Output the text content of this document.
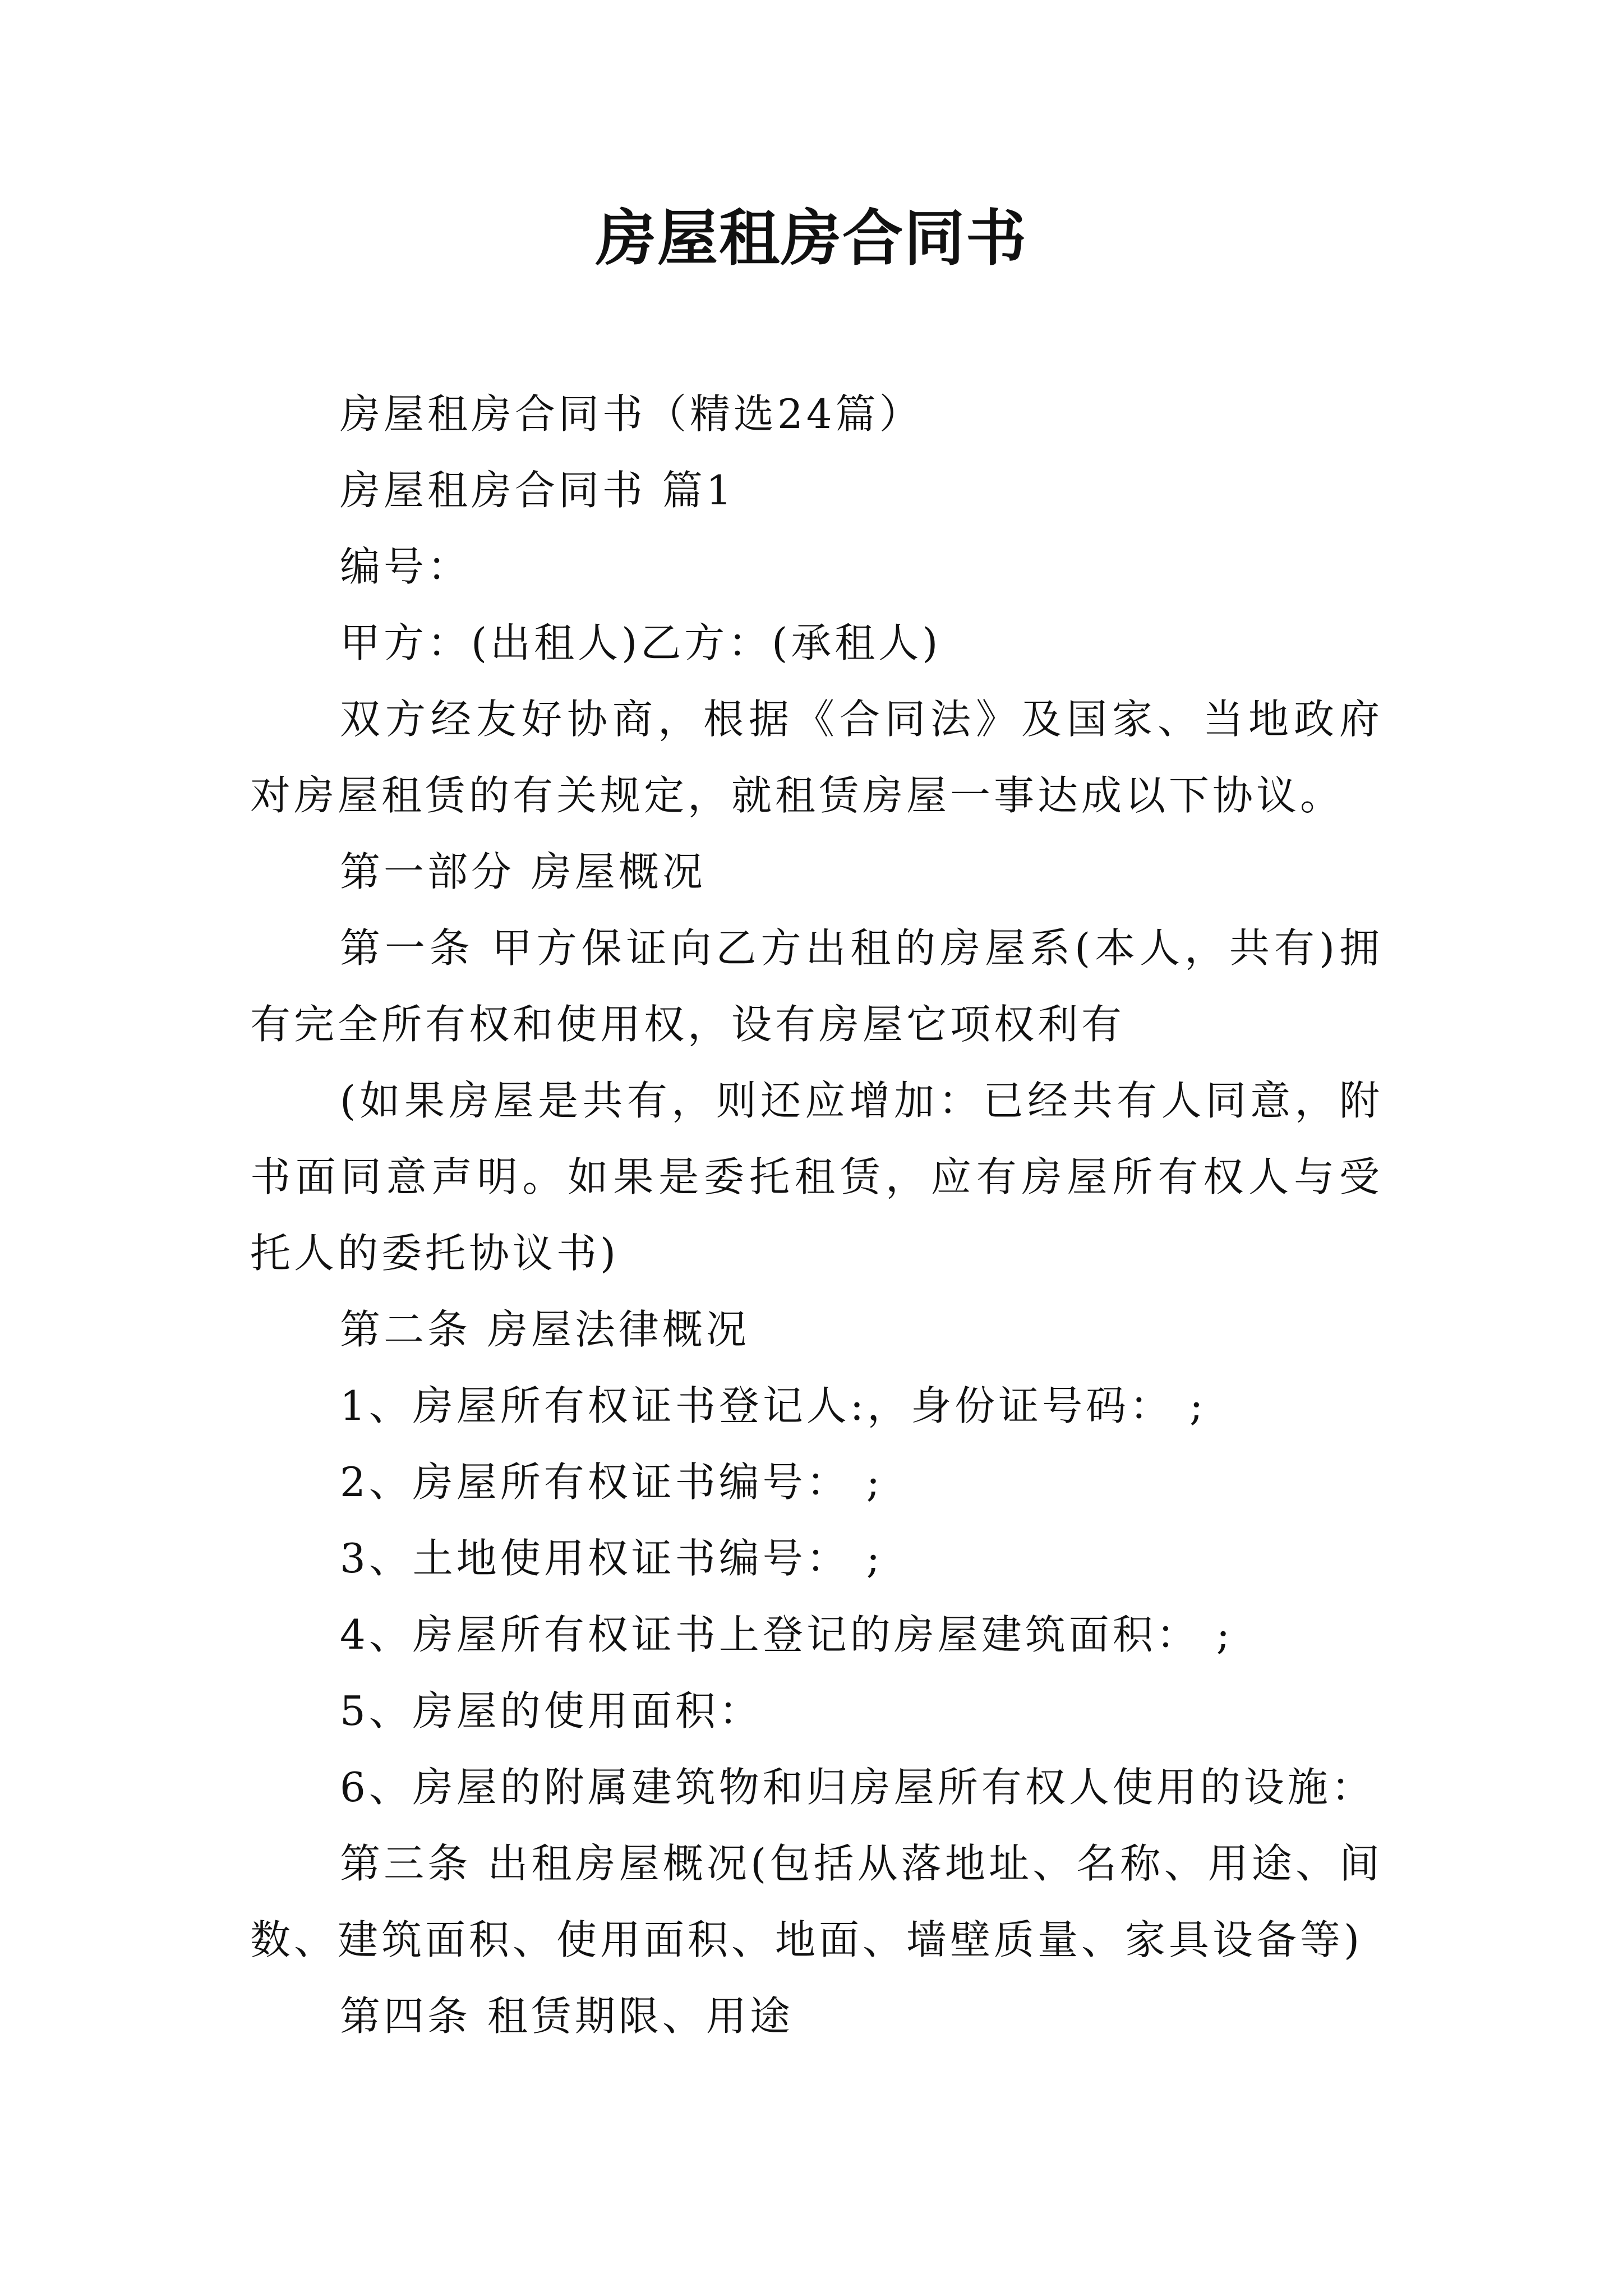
房屋租房合同书

房屋租房合同书（精选24篇）

房屋租房合同书 篇1

编号：

甲方：(出租人)乙方：(承租人)

双方经友好协商，根据《合同法》及国家、当地政府对房屋租赁的有关规定，就租赁房屋一事达成以下协议。

第一部分 房屋概况

第一条 甲方保证向乙方出租的房屋系(本人，共有)拥有完全所有权和使用权，设有房屋它项权利有

(如果房屋是共有，则还应增加：已经共有人同意，附书面同意声明。如果是委托租赁，应有房屋所有权人与受托人的委托协议书)

第二条 房屋法律概况

1、房屋所有权证书登记人:，身份证号码： ;

2、房屋所有权证书编号： ;

3、土地使用权证书编号： ;

4、房屋所有权证书上登记的房屋建筑面积： ;

5、房屋的使用面积：

6、房屋的附属建筑物和归房屋所有权人使用的设施：

第三条 出租房屋概况(包括从落地址、名称、用途、间数、建筑面积、使用面积、地面、墙壁质量、家具设备等)

第四条 租赁期限、用途
